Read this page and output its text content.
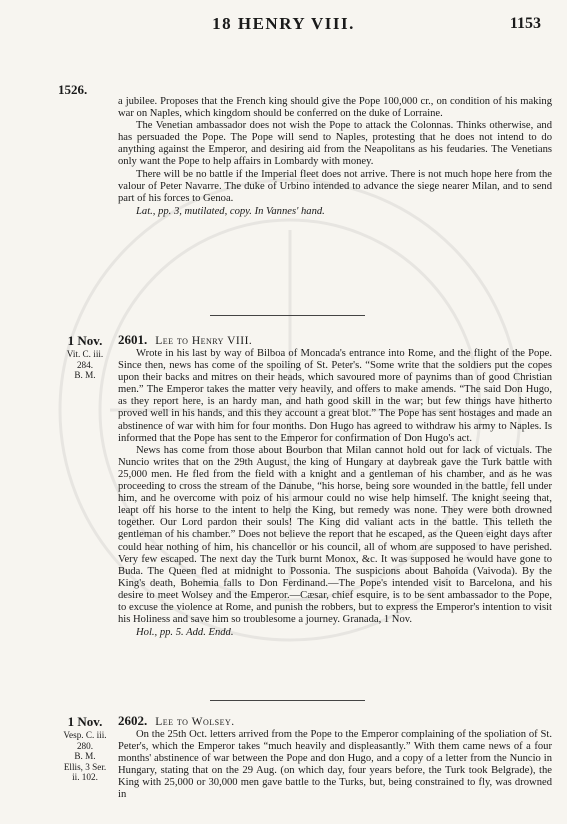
18 HENRY VIII.	1153
1526.

a jubilee. Proposes that the French king should give the Pope 100,000 cr., on condition of his making war on Naples, which kingdom should be conferred on the duke of Lorraine.

The Venetian ambassador does not wish the Pope to attack the Colonnas. Thinks otherwise, and has persuaded the Pope. The Pope will send to Naples, protesting that he does not intend to do anything against the Emperor, and desiring aid from the Neapolitans as his feudaries. The Venetians only want the Pope to help affairs in Lombardy with money.

There will be no battle if the Imperial fleet does not arrive. There is not much hope here from the valour of Peter Navarre. The duke of Urbino intended to advance the siege nearer Milan, and to send part of his forces to Genoa.

Lat., pp. 3, mutilated, copy. In Vannes' hand.
1 Nov.
Vit. C. iii.
284.
B. M.
2601. Lee to Henry VIII.

Wrote in his last by way of Bilboa of Moncada's entrance into Rome, and the flight of the Pope. Since then, news has come of the spoiling of St. Peter's. “Some write that the soldiers put the copes upon their backs and mitres on their heads, which savoured more of paynims than of good Christian men.” The Emperor takes the matter very heavily, and offers to make amends. “The said Don Hugo, as they report here, is an hardy man, and hath good skill in the war; but few things have hitherto proved well in his hands, and this they account a great blot.” The Pope has sent hostages and made an abstinence of war with him for four months. Don Hugo has agreed to withdraw his army to Naples. Is informed that the Pope has sent to the Emperor for confirmation of Don Hugo's act.

News has come from those about Bourbon that Milan cannot hold out for lack of victuals. The Nuncio writes that on the 29th August, the king of Hungary at daybreak gave the Turk battle with 25,000 men. He fled from the field with a knight and a gentleman of his chamber, and as he was proceeding to cross the stream of the Danube, “his horse, being sore wounded in the battle, fell under him, and he overcome with poiz of his armour could no wise help himself. The knight seeing that, leapt off his horse to the intent to help the King, but remedy was none. They were both drowned together. Our Lord pardon their souls! The King did valiant acts in the battle. This telleth the gentleman of his chamber.” Does not believe the report that he escaped, as the Queen eight days after could hear nothing of him, his chancellor or his council, all of whom are supposed to have perished. Very few escaped. The next day the Turk burnt Monox, &c. It was supposed he would have gone to Buda. The Queen fled at midnight to Possonia. The suspicions about Bahoida (Vaivoda). By the King's death, Bohemia falls to Don Ferdinand.—The Pope's intended visit to Barcelona, and his desire to meet Wolsey and the Emperor.—Cæsar, chief esquire, is to be sent ambassador to the Pope, to excuse the violence at Rome, and punish the robbers, but to express the Emperor's intention to visit his Holiness and save him so troublesome a journey. Granada, 1 Nov.

Hol., pp. 5. Add. Endd.
1 Nov.
Vesp. C. iii.
280.
B. M.
Ellis, 3 Ser.
ii. 102.
2602. Lee to Wolsey.

On the 25th Oct. letters arrived from the Pope to the Emperor complaining of the spoliation of St. Peter's, which the Emperor takes “much heavily and displeasantly.” With them came news of a four months' abstinence of war between the Pope and don Hugo, and a copy of a letter from the Nuncio in Hungary, stating that on the 29 Aug. (on which day, four years before, the Turk took Belgrade), the King with 25,000 or 30,000 men gave battle to the Turks, but, being constrained to fly, was drowned in
